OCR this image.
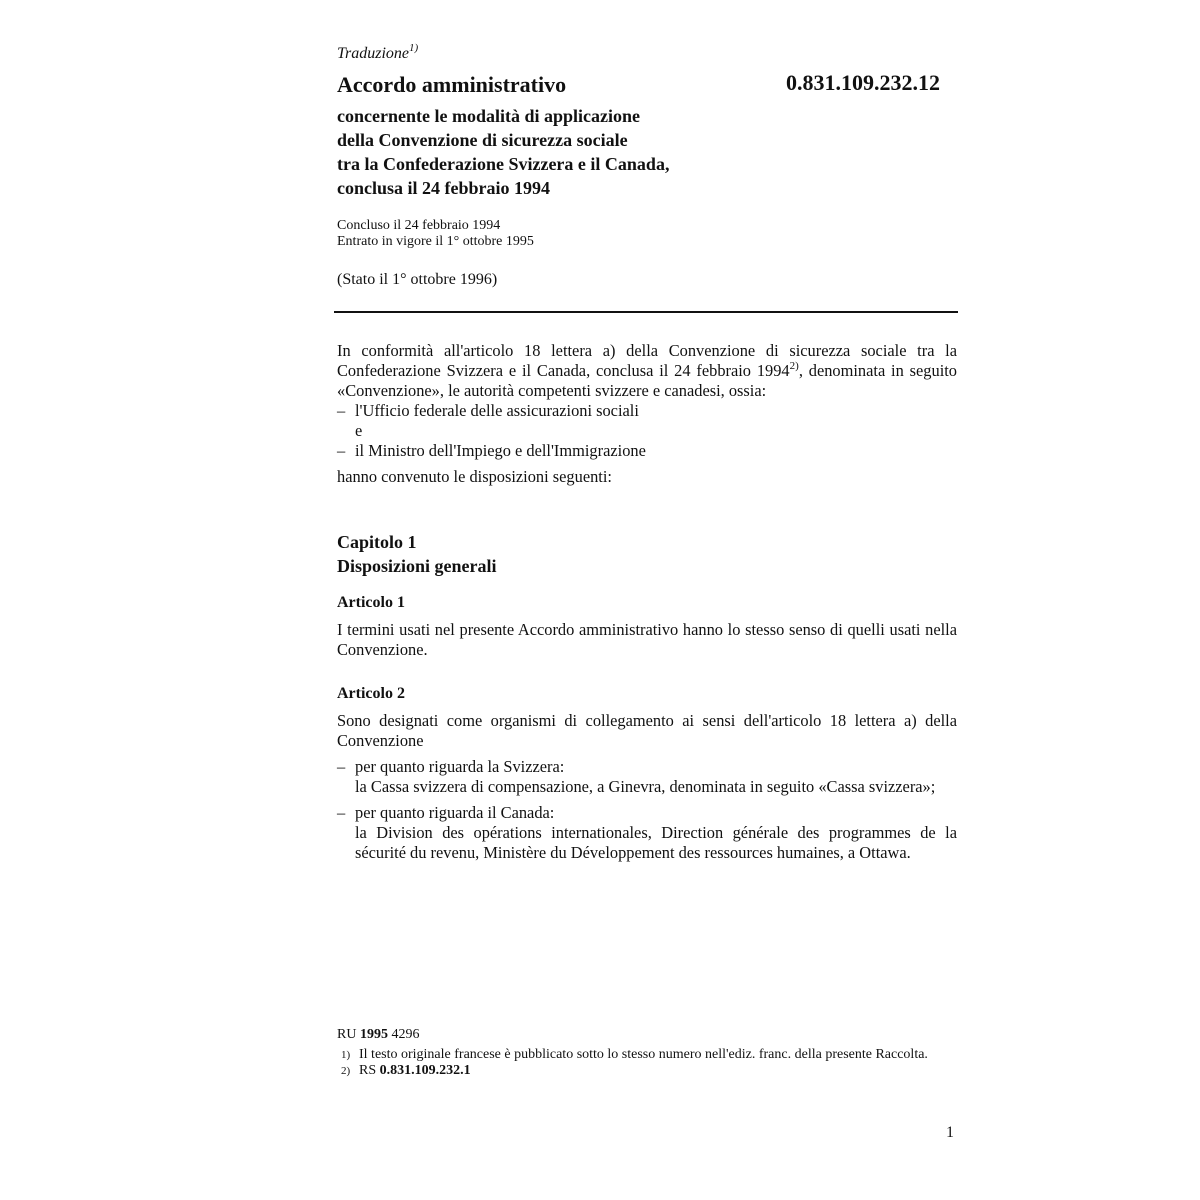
Traduzione$^{1)}$
Accordo amministrativo	0.831.109.232.12
concernente le modalità di applicazione
della Convenzione di sicurezza sociale
tra la Confederazione Svizzera e il Canada,
conclusa il 24 febbraio 1994
Concluso il 24 febbraio 1994
Entrato in vigore il 1° ottobre 1995
(Stato il 1° ottobre 1996)

In conformità all'articolo 18 lettera a) della Convenzione di sicurezza sociale tra la Confederazione Svizzera e il Canada, conclusa il 24 febbraio 1994$^{2)}$, denominata in seguito «Convenzione», le autorità competenti svizzere e canadesi, ossia:

– l'Ufficio federale delle assicurazioni sociali
e
– il Ministro dell'Impiego e dell'Immigrazione

hanno convenuto le disposizioni seguenti:

Capitolo 1
Disposizioni generali
Articolo 1
I termini usati nel presente Accordo amministrativo hanno lo stesso senso di quelli usati nella Convenzione.
Articolo 2

Sono designati come organismi di collegamento ai sensi dell'articolo 18 lettera a) della Convenzione

– per quanto riguarda la Svizzera:
la Cassa svizzera di compensazione, a Ginevra, denominata in seguito «Cassa svizzera»;
– per quanto riguarda il Canada:
la Division des opérations internationales, Direction générale des programmes de la sécurité du revenu, Ministère du Développement des ressources humaines, a Ottawa.
RU 1995 4296
1) Il testo originale francese è pubblicato sotto lo stesso numero nell'ediz. franc. della presente Raccolta.
2) RS 0.831.109.232.1
1
